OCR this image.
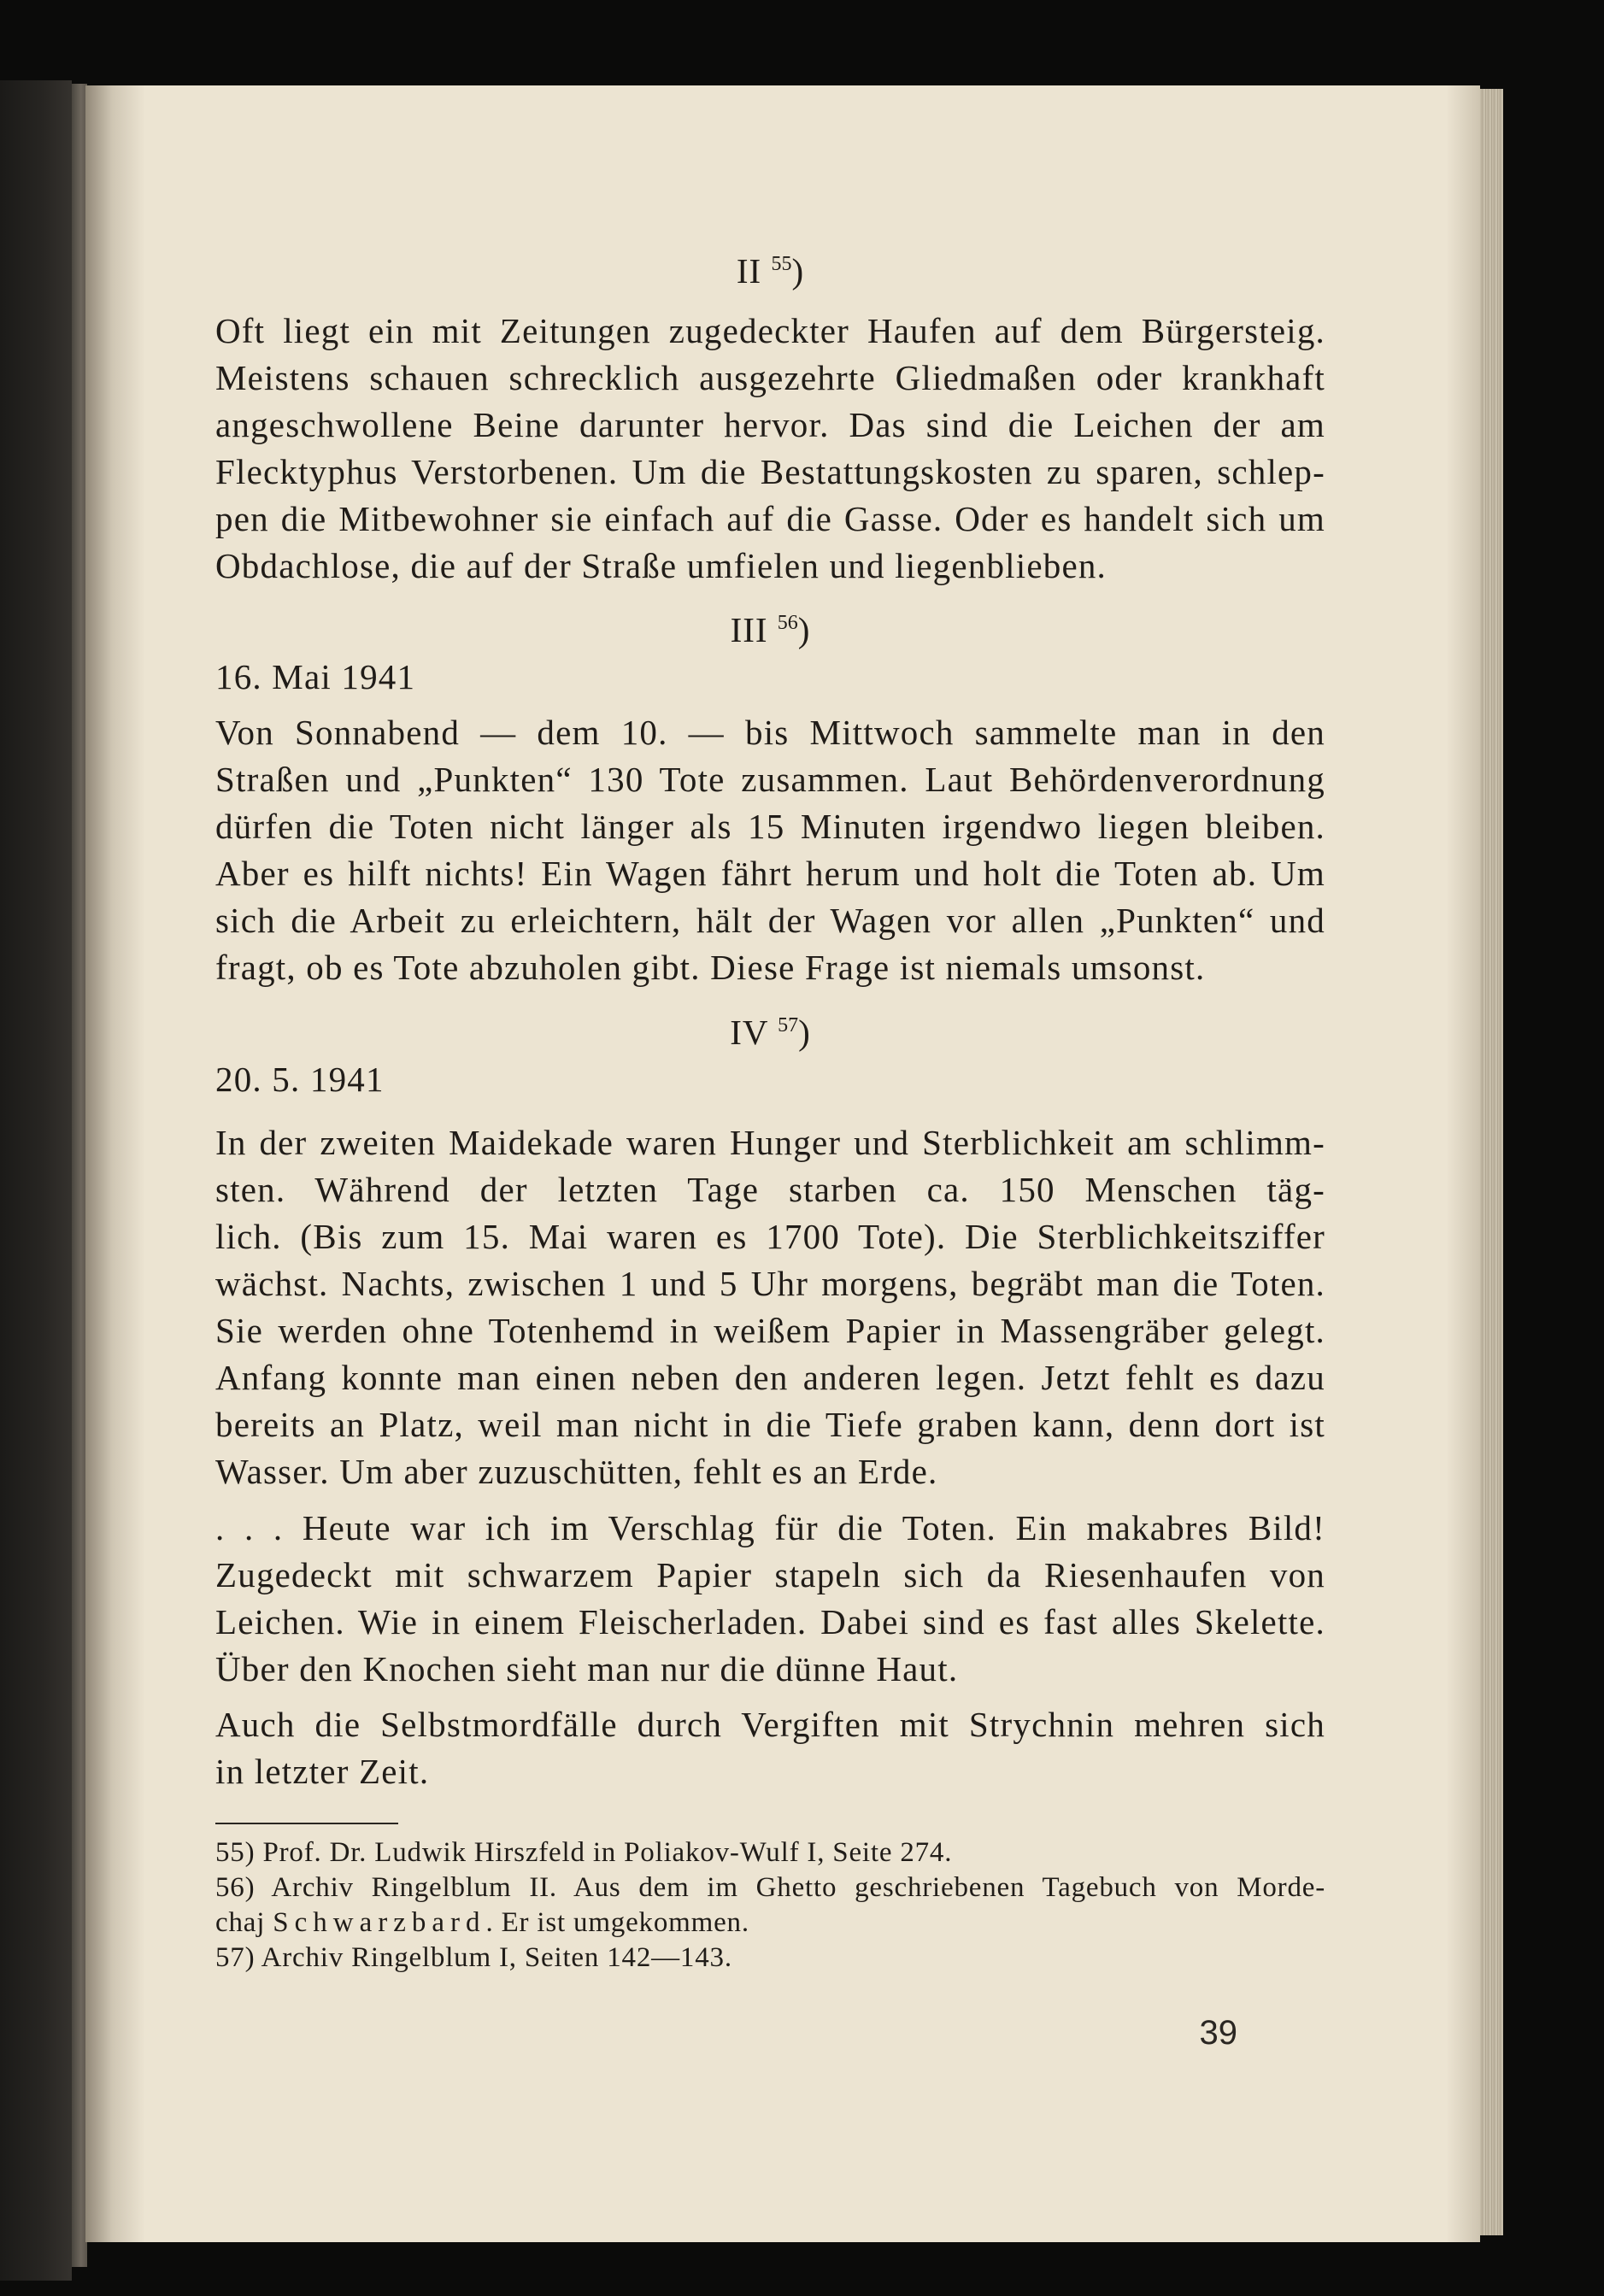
II $^{55}$)
Oft liegt ein mit Zeitungen zugedeckter Haufen auf dem Bürgersteig.
Meistens schauen schrecklich ausgezehrte Gliedmaßen oder krankhaft
angeschwollene Beine darunter hervor. Das sind die Leichen der am
Flecktyphus Verstorbenen. Um die Bestattungskosten zu sparen, schlep-
pen die Mitbewohner sie einfach auf die Gasse. Oder es handelt sich um
Obdachlose, die auf der Straße umfielen und liegenblieben.
III $^{56}$)
16. Mai 1941
Von Sonnabend — dem 10. — bis Mittwoch sammelte man in den
Straßen und „Punkten“ 130 Tote zusammen. Laut Behördenverordnung
dürfen die Toten nicht länger als 15 Minuten irgendwo liegen bleiben.
Aber es hilft nichts! Ein Wagen fährt herum und holt die Toten ab. Um
sich die Arbeit zu erleichtern, hält der Wagen vor allen „Punkten“ und
fragt, ob es Tote abzuholen gibt. Diese Frage ist niemals umsonst.
IV $^{57}$)
20. 5. 1941
In der zweiten Maidekade waren Hunger und Sterblichkeit am schlimm-
sten. Während der letzten Tage starben ca. 150 Menschen täg-
lich. (Bis zum 15. Mai waren es 1700 Tote). Die Sterblichkeitsziffer
wächst. Nachts, zwischen 1 und 5 Uhr morgens, begräbt man die Toten.
Sie werden ohne Totenhemd in weißem Papier in Massengräber gelegt.
Anfang konnte man einen neben den anderen legen. Jetzt fehlt es dazu
bereits an Platz, weil man nicht in die Tiefe graben kann, denn dort ist
Wasser. Um aber zuzuschütten, fehlt es an Erde.
. . . Heute war ich im Verschlag für die Toten. Ein makabres Bild!
Zugedeckt mit schwarzem Papier stapeln sich da Riesenhaufen von
Leichen. Wie in einem Fleischerladen. Dabei sind es fast alles Skelette.
Über den Knochen sieht man nur die dünne Haut.
Auch die Selbstmordfälle durch Vergiften mit Strychnin mehren sich
in letzter Zeit.
55) Prof. Dr. Ludwik Hirszfeld in Poliakov-Wulf I, Seite 274.
56) Archiv Ringelblum II. Aus dem im Ghetto geschriebenen Tagebuch von Morde-
chaj Schwarzbard. Er ist umgekommen.
57) Archiv Ringelblum I, Seiten 142—143.
39
